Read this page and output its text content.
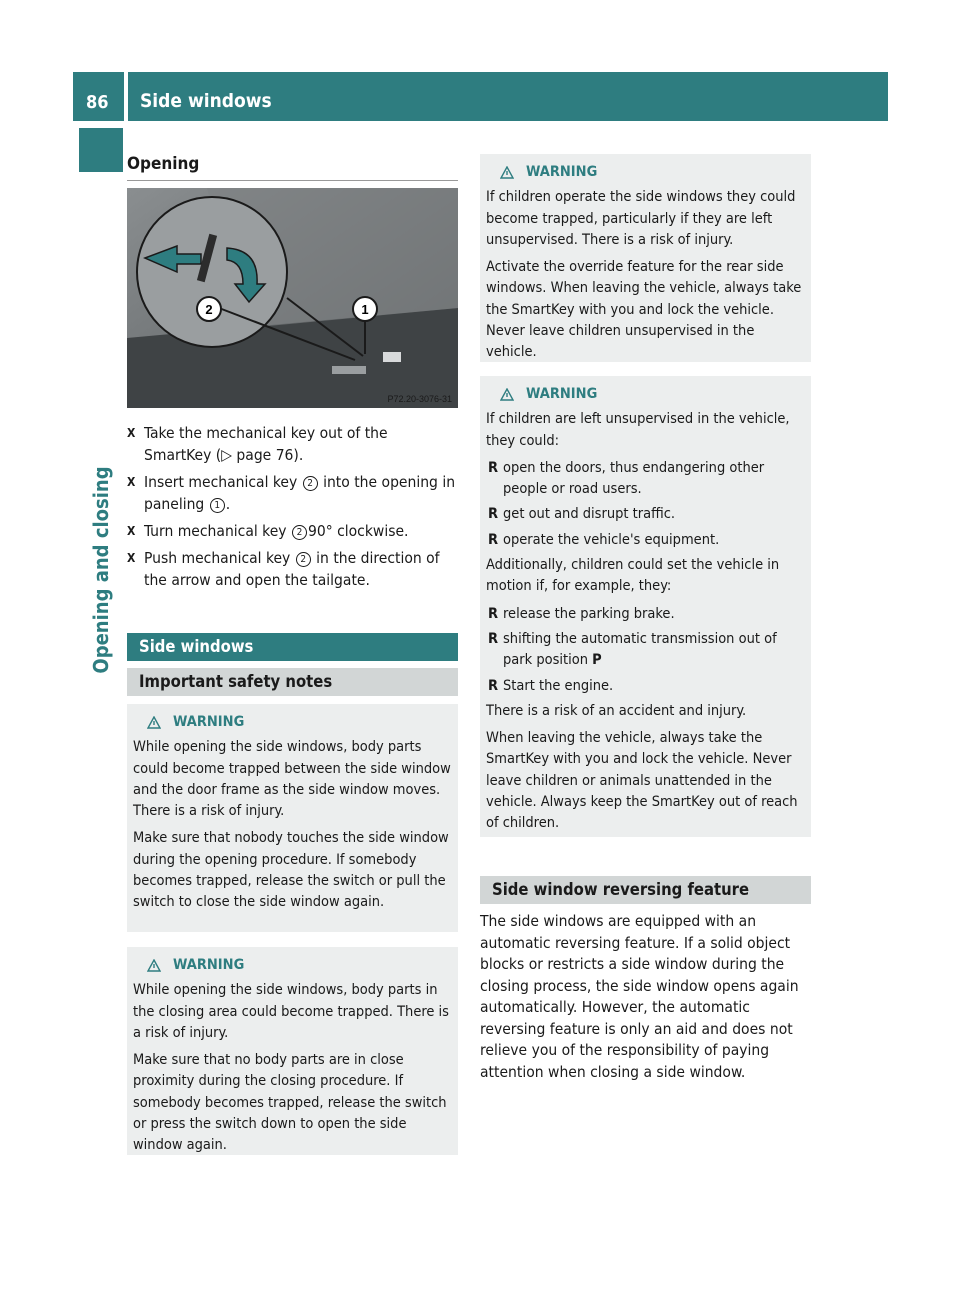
86 Side windows
Opening and closing
Opening
2	1
P72.20-3076-31
X Take the mechanical key out of the SmartKey (▷ page 76).
X Insert mechanical key 2 into the opening in paneling 1 .
X Turn mechanical key 2 90° clockwise.
X Push mechanical key 2 in the direction of the arrow and open the tailgate.
Side windows
Important safety notes
WARNING

While opening the side windows, body parts could become trapped between the side window and the door frame as the side window moves. There is a risk of injury.

Make sure that nobody touches the side window during the opening procedure. If somebody becomes trapped, release the switch or pull the switch to close the side window again.

WARNING

While opening the side windows, body parts in the closing area could become trapped. There is a risk of injury.

Make sure that no body parts are in close proximity during the closing procedure. If somebody becomes trapped, release the switch or press the switch down to open the side window again.

WARNING

If children operate the side windows they could become trapped, particularly if they are left unsupervised. There is a risk of injury.

Activate the override feature for the rear side windows. When leaving the vehicle, always take the SmartKey with you and lock the vehicle. Never leave children unsupervised in the vehicle.

WARNING

If children are left unsupervised in the vehicle, they could:

R open the doors, thus endangering other people or road users.
R get out and disrupt traffic.
R operate the vehicle's equipment.

Additionally, children could set the vehicle in motion if, for example, they:

R release the parking brake.
R shifting the automatic transmission out of park position P
R Start the engine.

There is a risk of an accident and injury.

When leaving the vehicle, always take the SmartKey with you and lock the vehicle. Never leave children or animals unattended in the vehicle. Always keep the SmartKey out of reach of children.

Side window reversing feature
The side windows are equipped with an automatic reversing feature. If a solid object blocks or restricts a side window during the closing process, the side window opens again automatically. However, the automatic reversing feature is only an aid and does not relieve you of the responsibility of paying attention when closing a side window.
